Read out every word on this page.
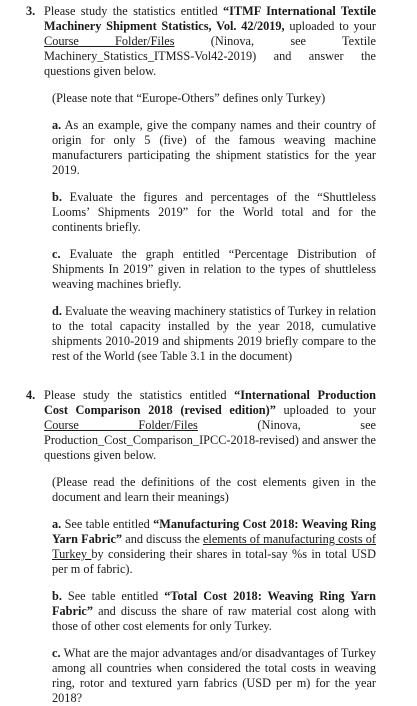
3. Please study the statistics entitled “ITMF International Textile Machinery Shipment Statistics, Vol. 42/2019, uploaded to your Course Folder/Files (Ninova, see Textile Machinery_Statistics_ITMSS-Vol42-2019) and answer the questions given below.

(Please note that “Europe-Others” defines only Turkey)

a. As an example, give the company names and their country of origin for only 5 (five) of the famous weaving machine manufacturers participating the shipment statistics for the year 2019.

b. Evaluate the figures and percentages of the “Shuttleless Looms’ Shipments 2019” for the World total and for the continents briefly.

c. Evaluate the graph entitled “Percentage Distribution of Shipments In 2019” given in relation to the types of shuttleless weaving machines briefly.

d. Evaluate the weaving machinery statistics of Turkey in relation to the total capacity installed by the year 2018, cumulative shipments 2010-2019 and shipments 2019 briefly compare to the rest of the World (see Table 3.1 in the document)

4. Please study the statistics entitled “International Production Cost Comparison 2018 (revised edition)” uploaded to your Course Folder/Files (Ninova, see Production_Cost_Comparison_IPCC-2018-revised) and answer the questions given below.

(Please read the definitions of the cost elements given in the document and learn their meanings)

a. See table entitled “Manufacturing Cost 2018: Weaving Ring Yarn Fabric” and discuss the elements of manufacturing costs of Turkey by considering their shares in total-say %s in total USD per m of fabric).

b. See table entitled “Total Cost 2018: Weaving Ring Yarn Fabric” and discuss the share of raw material cost along with those of other cost elements for only Turkey.

c. What are the major advantages and/or disadvantages of Turkey among all countries when considered the total costs in weaving ring, rotor and textured yarn fabrics (USD per m) for the year 2018?
